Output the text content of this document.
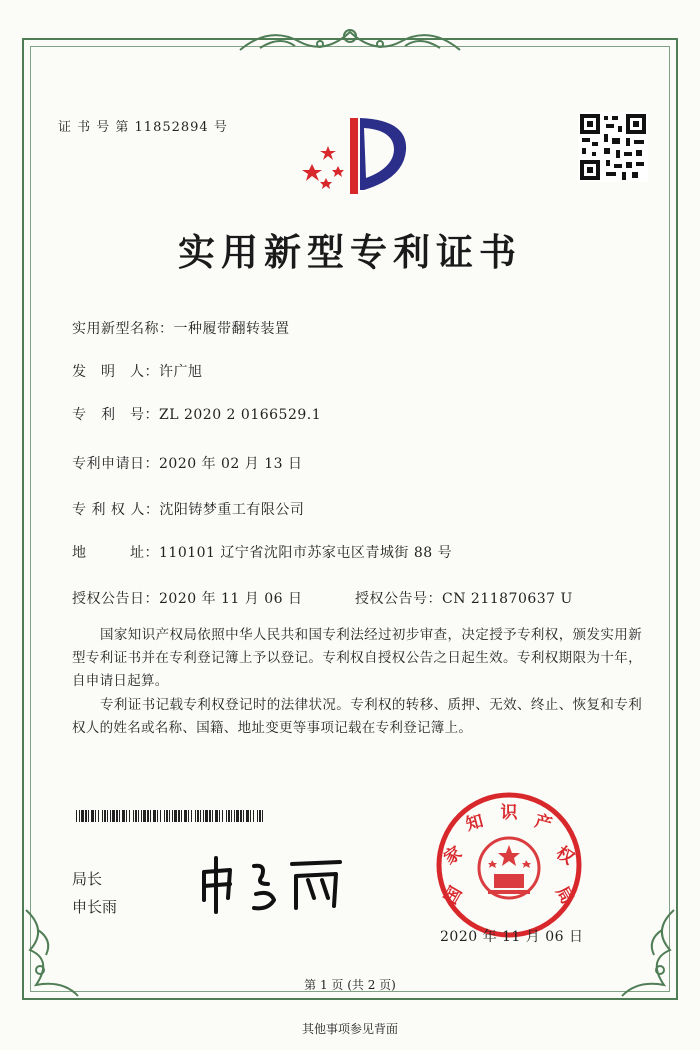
证 书 号 第 11852894 号
实用新型专利证书
实用新型名称：一种履带翻转装置
发　明　人：许广旭
专　利　号：ZL 2020 2 0166529.1
专利申请日：2020 年 02 月 13 日
专 利 权 人：沈阳铸梦重工有限公司
地　　　址：110101 辽宁省沈阳市苏家屯区青城街 88 号
授权公告日：2020 年 11 月 06 日	授权公告号：CN 211870637 U
国家知识产权局依照中华人民共和国专利法经过初步审查，决定授予专利权，颁发实用新型专利证书并在专利登记簿上予以登记。专利权自授权公告之日起生效。专利权期限为十年，自申请日起算。
专利证书记载专利权登记时的法律状况。专利权的转移、质押、无效、终止、恢复和专利权人的姓名或名称、国籍、地址变更等事项记载在专利登记簿上。
局长
申长雨	国
家
知 识 产
权
局
2020 年 11 月 06 日
第 1 页 (共 2 页)
其他事项参见背面
